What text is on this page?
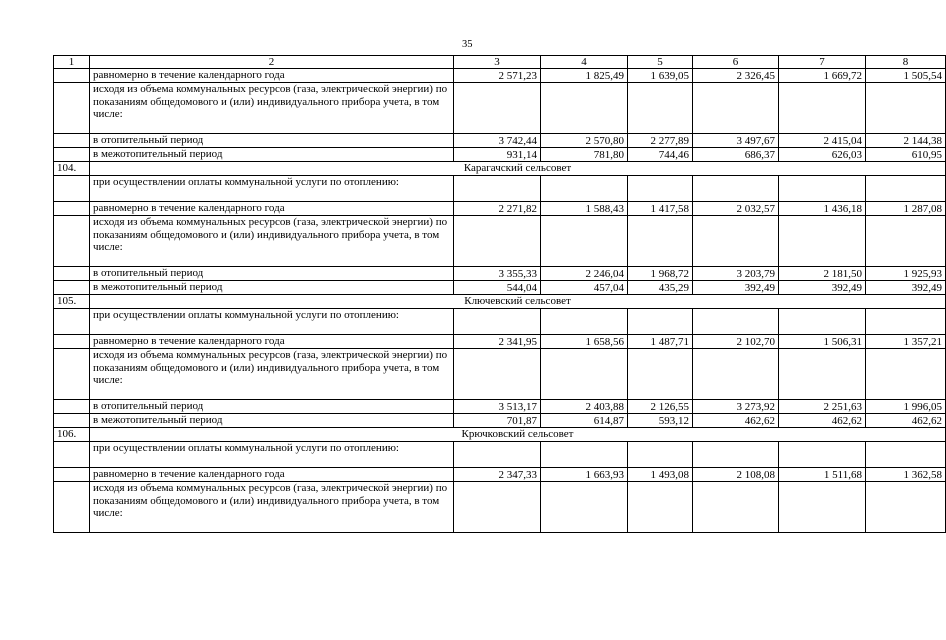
35
1	2	3	4	5	6	7	8
	равномерно в течение календарного года	2 571,23	1 825,49	1 639,05	2 326,45	1 669,72	1 505,54
	исходя из объема коммунальных ресурсов (газа, электрической энергии) по показаниям общедомового и (или) индивидуального прибора учета, в том числе:						
	в отопительный период	3 742,44	2 570,80	2 277,89	3 497,67	2 415,04	2 144,38
	в межотопительный период	931,14	781,80	744,46	686,37	626,03	610,95
104.	Карагачский сельсовет						
	при осуществлении оплаты коммунальной услуги по отоплению:						
	равномерно в течение календарного года	2 271,82	1 588,43	1 417,58	2 032,57	1 436,18	1 287,08
	исходя из объема коммунальных ресурсов (газа, электрической энергии) по показаниям общедомового и (или) индивидуального прибора учета, в том числе:						
	в отопительный период	3 355,33	2 246,04	1 968,72	3 203,79	2 181,50	1 925,93
	в межотопительный период	544,04	457,04	435,29	392,49	392,49	392,49
105.	Ключевский сельсовет						
	при осуществлении оплаты коммунальной услуги по отоплению:						
	равномерно в течение календарного года	2 341,95	1 658,56	1 487,71	2 102,70	1 506,31	1 357,21
	исходя из объема коммунальных ресурсов (газа, электрической энергии) по показаниям общедомового и (или) индивидуального прибора учета, в том числе:						
	в отопительный период	3 513,17	2 403,88	2 126,55	3 273,92	2 251,63	1 996,05
	в межотопительный период	701,87	614,87	593,12	462,62	462,62	462,62
106.	Крючковский сельсовет						
	при осуществлении оплаты коммунальной услуги по отоплению:						
	равномерно в течение календарного года	2 347,33	1 663,93	1 493,08	2 108,08	1 511,68	1 362,58
	исходя из объема коммунальных ресурсов (газа, электрической энергии) по показаниям общедомового и (или) индивидуального прибора учета, в том числе:						
